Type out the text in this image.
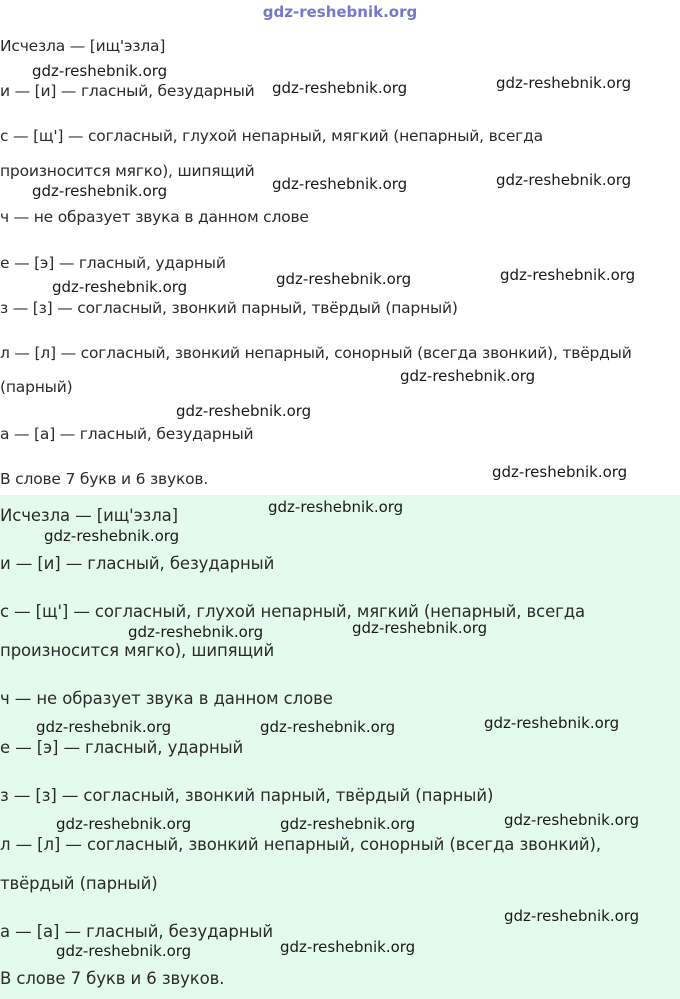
gdz-reshebnik.org
Исчезла — [ищ'эзла]
и — [и] — гласный, безударный
с — [щ'] — согласный, глухой непарный, мягкий (непарный, всегда
произносится мягко), шипящий
ч — не образует звука в данном слове
е — [э] — гласный, ударный
з — [з] — согласный, звонкий парный, твёрдый (парный)
л — [л] — согласный, звонкий непарный, сонорный (всегда звонкий), твёрдый
(парный)
а — [а] — гласный, безударный
В слове 7 букв и 6 звуков.
Исчезла — [ищ'эзла]
и — [и] — гласный, безударный
с — [щ'] — согласный, глухой непарный, мягкий (непарный, всегда
произносится мягко), шипящий
ч — не образует звука в данном слове
е — [э] — гласный, ударный
з — [з] — согласный, звонкий парный, твёрдый (парный)
л — [л] — согласный, звонкий непарный, сонорный (всегда звонкий),
твёрдый (парный)
а — [а] — гласный, безударный
В слове 7 букв и 6 звуков.
gdz-reshebnik.org
gdz-reshebnik.org	gdz-reshebnik.org
gdz-reshebnik.org	gdz-reshebnik.org	gdz-reshebnik.org
gdz-reshebnik.org	gdz-reshebnik.org	gdz-reshebnik.org
gdz-reshebnik.org
gdz-reshebnik.org
gdz-reshebnik.org
gdz-reshebnik.org
gdz-reshebnik.org
gdz-reshebnik.org
gdz-reshebnik.org
gdz-reshebnik.org	gdz-reshebnik.org	gdz-reshebnik.org
gdz-reshebnik.org	gdz-reshebnik.org	gdz-reshebnik.org
gdz-reshebnik.org
gdz-reshebnik.org	gdz-reshebnik.org
